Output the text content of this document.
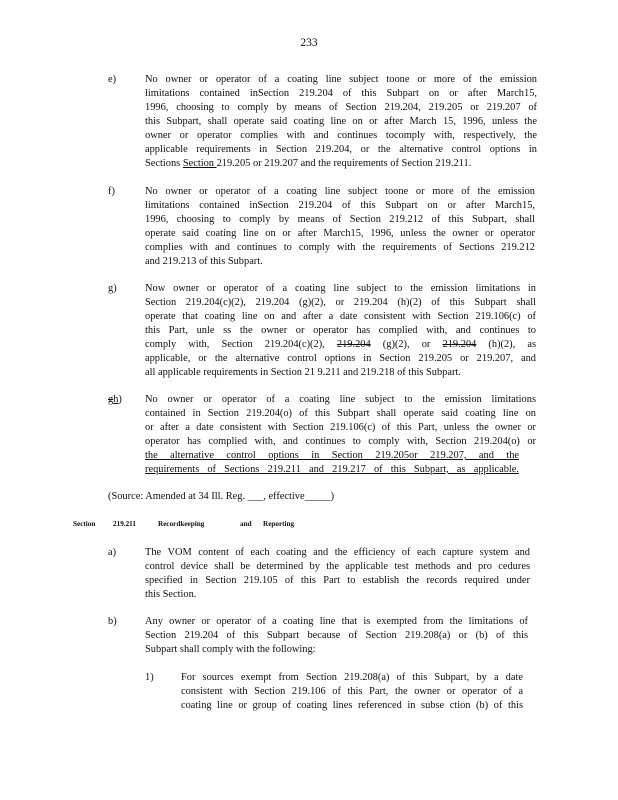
233
e)	No owner or operator of a coating line subject toone or more of the emission
limitations contained inSection 219.204 of this Subpart on or after March15,
1996, choosing to comply by means of Section 219.204, 219.205 or 219.207 of
this Subpart, shall operate said coating line on or after March 15, 1996, unless the
owner or operator complies with and continues tocomply with, respectively, the
applicable requirements in Section 219.204, or the alternative control options in
Sections Section 219.205 or 219.207 and the requirements of Section 219.211.
f)	No owner or operator of a coating line subject toone or more of the emission
limitations contained inSection 219.204 of this Subpart on or after March15,
1996, choosing to comply by means of Section 219.212 of this Subpart, shall
operate said coating line on or after March15, 1996, unless the owner or operator
complies with and continues to comply with the requirements of Sections 219.212
and 219.213 of this Subpart.
g)	Now owner or operator of a coating line subject to the emission limitations in
Section 219.204(c)(2), 219.204 (g)(2), or 219.204 (h)(2) of this Subpart shall
operate that coating line on and after a date consistent with Section 219.106(c) of
this Part, unle ss the owner or operator has complied with, and continues to
comply with, Section 219.204(c)(2), 219.204 (g)(2), or 219.204 (h)(2), as
applicable, or the alternative control options in Section 219.205 or 219.207, and
all applicable requirements in Section 21 9.211 and 219.218 of this Subpart.
gh) No owner or operator of a coating line subject to the emission limitations
contained in Section 219.204(o) of this Subpart shall operate said coating line on
or after a date consistent with Section 219.106(c) of this Part, unless the owner or
operator has complied with, and continues to comply with, Section 219.204(o) or
the alternative control options in Section 219.205or 219.207, and the
requirements of Sections 219.211 and 219.217 of this Subpart, as applicable.
(Source: Amended at 34 Ill. Reg. ___, effective_____)
Section 219.211	Recordkeeping	and Reporting
a)	The VOM content of each coating and the efficiency of each capture system and
control device shall be determined by the applicable test methods and pro cedures
specified in Section 219.105 of this Part to establish the records required under
this Section.
b)	Any owner or operator of a coating line that is exempted from the limitations of
Section 219.204 of this Subpart because of Section 219.208(a) or (b) of this
Subpart shall comply with the following:
1)	For sources exempt from Section 219.208(a) of this Subpart, by a date
consistent with Section 219.106 of this Part, the owner or operator of a
coating line or group of coating lines referenced in subse ction (b) of this
